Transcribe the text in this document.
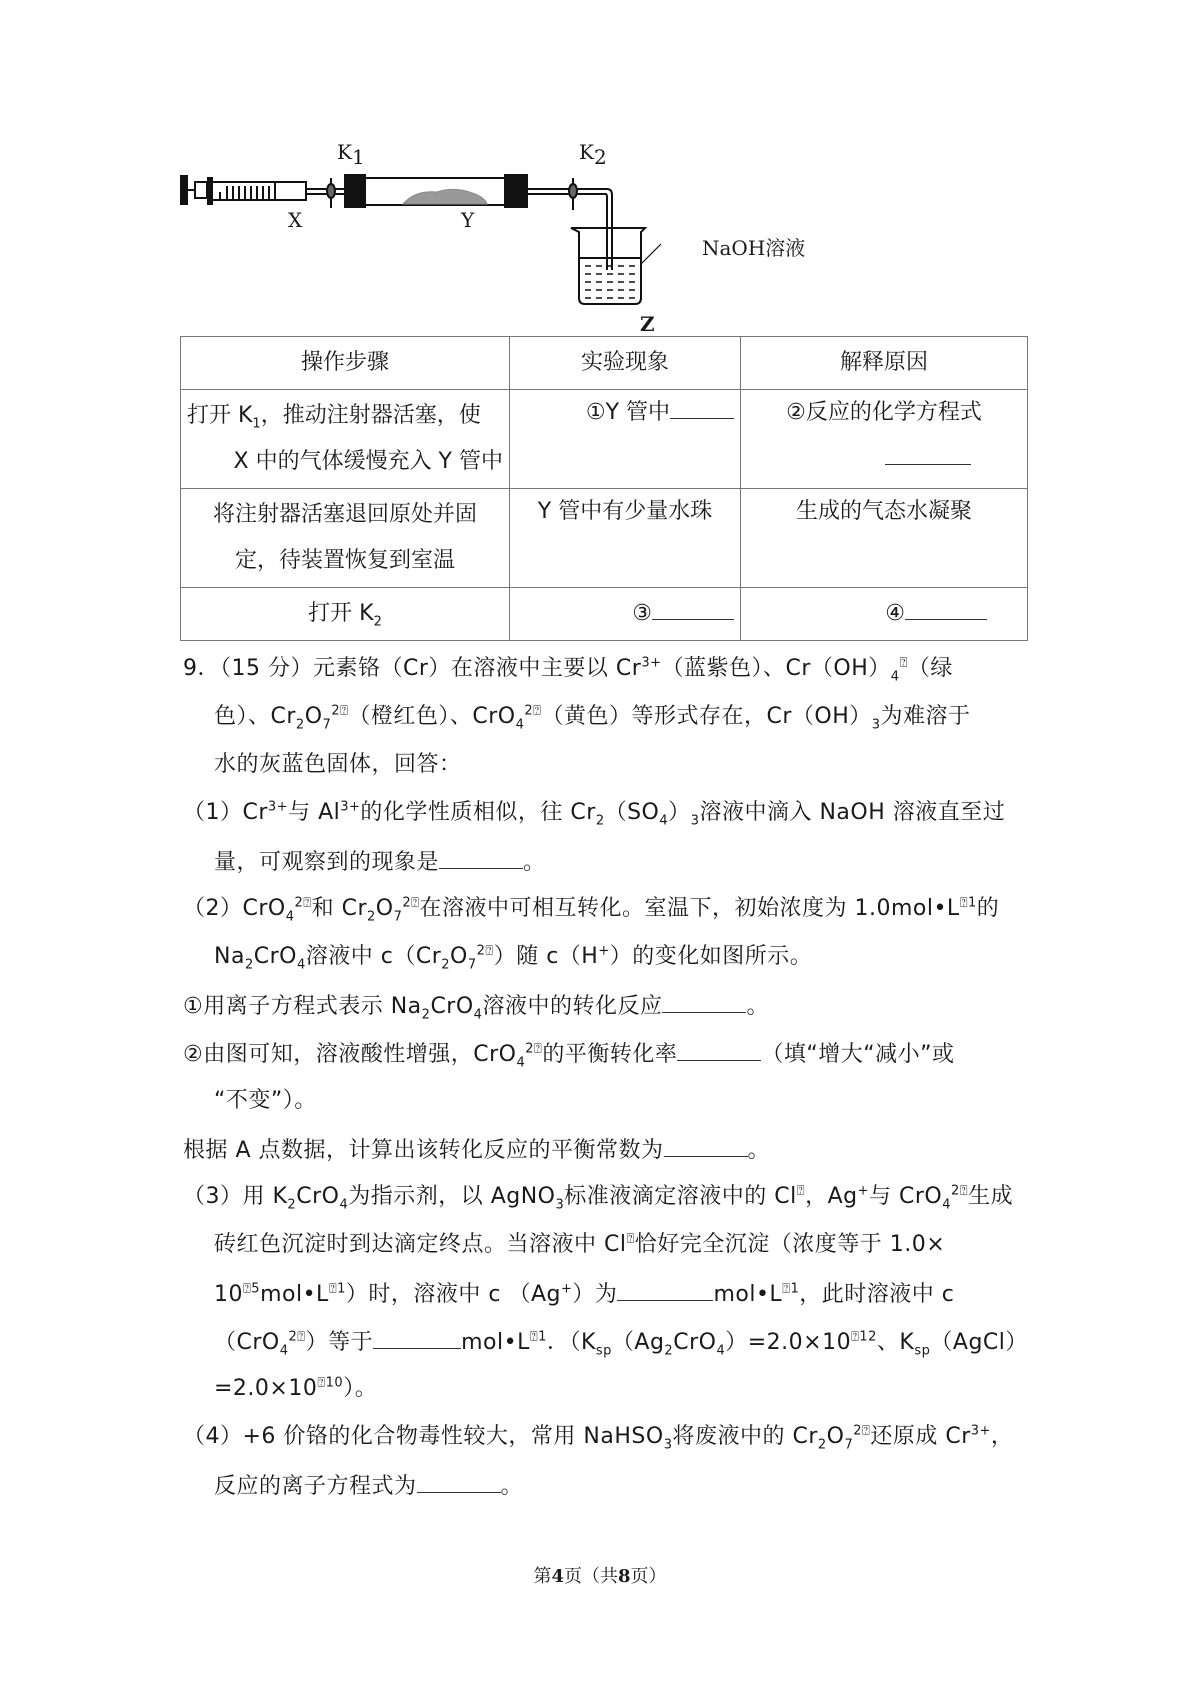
X	Y
Z
$K_1$	$K_2$
NaOH溶液
操作步骤	实验现象	解释原因

打开 $K_1$，推动注射器活塞，使
X 中的气体缓慢充入 Y 管中	①Y 管中	②反应的化学方程式

将注射器活塞退回原处并固
定，待装置恢复到室温	Y 管中有少量水珠	生成的气态水凝聚

打开 $K_2$	③	④
9．（15 分）元素铬（Cr）在溶液中主要以 $Cr^{3+}$（蓝紫色）、$Cr(OH)_4^⍰$（绿
色）、$Cr_2O_7^{2⍰}$（橙红色）、CrO$_4^{2⍰}$（黄色）等形式存在，$Cr(OH)_3$为难溶于
水的灰蓝色固体，回答：
$(1)Cr^{3+}$与 $Al^{3+}$的化学性质相似，往 $Cr_2(SO_4)_3$溶液中滴入 NaOH 溶液直至过
量，可观察到的现象是	。
（2）CrO$_4^{2⍰}$和 $Cr_2O_7^{2⍰}$在溶液中可相互转化。室温下，初始浓度为 $1.0mol•L^{⍰1}$的
$Na_2CrO_4$溶液中 $c(Cr_2O_7^{2⍰})$随 c（H+）的变化如图所示。
①用离子方程式表示 $Na_2CrO_4$溶液中的转化反应	。
②由图可知，溶液酸性增强，CrO$_4^{2⍰}$的平衡转化率	（填“增大“减小”或
“不变”）。
根据 A 点数据，计算出该转化反应的平衡常数为	。
（3）用 $K_2CrO_4$为指示剂，以 AgNO$_3$标准液滴定溶液中的 Cl⍰，Ag+与 CrO$_4^{2⍰}$生成
砖红色沉淀时到达滴定终点。当溶液中 Cl⍰恰好完全沉淀（浓度等于 1.0×
$10^{⍰5}mol•L^{⍰1}$）时，溶液中 c （Ag+）为	$mol•L^{⍰1}$，此时溶液中 c
（CrO$_4^{2⍰}$）等于	$mol•L^{⍰1}$．（$K_{sp}(Ag_2CrO_4)=2.0\times 10^{⍰12}$、$K_{sp}(AgCl)$
$=2.0\times 10^{⍰10}$）。
（4）+6 价铬的化合物毒性较大，常用 NaHSO$_3$将废液中的 $Cr_2O_7^{2⍰}$还原成 $Cr^{3+}$，
反应的离子方程式为	。
第4页（共8页）
